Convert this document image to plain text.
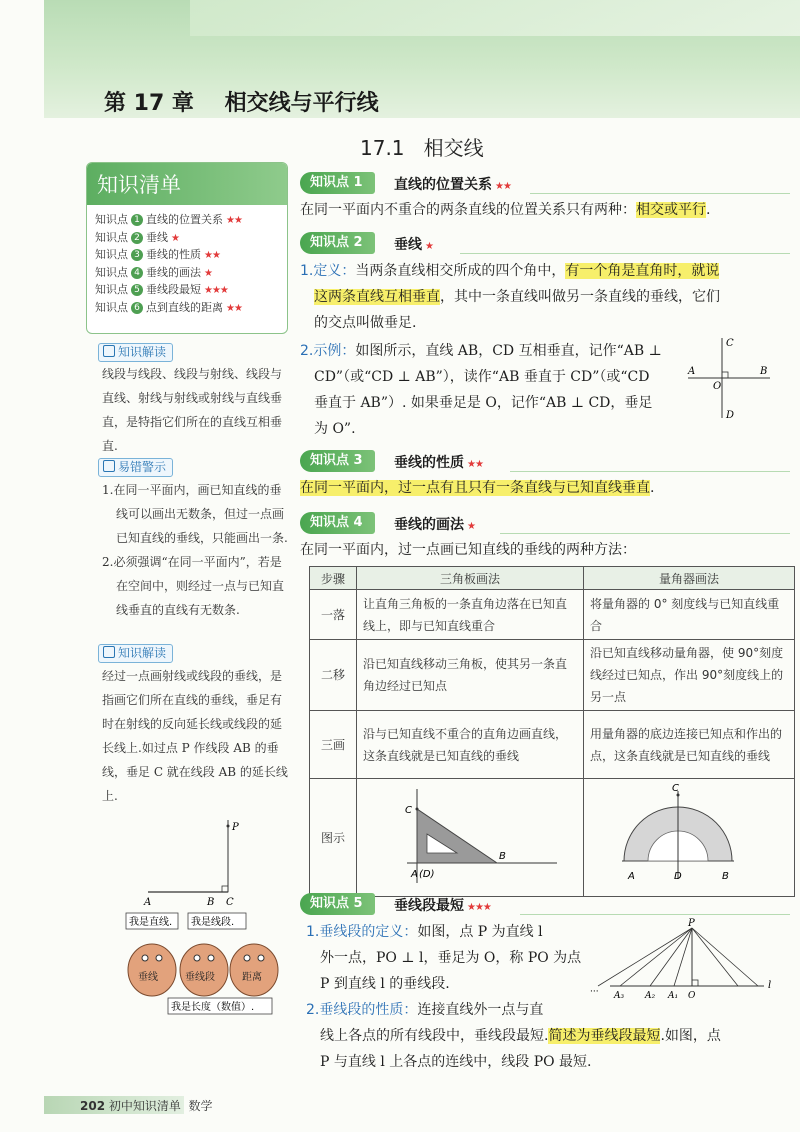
第 17 章    相交线与平行线
17.1   相交线
知识清单
知识点 1 直线的位置关系 ★★
知识点 2 垂线 ★
知识点 3 垂线的性质 ★★
知识点 4 垂线的画法 ★
知识点 5 垂线段最短 ★★★
知识点 6 点到直线的距离 ★★
知识解读

线段与线段、线段与射线、线段与直线、射线与射线或射线与直线垂直，是特指它们所在的直线互相垂直.

易错警示

1.在同一平面内，画已知直线的垂线可以画出无数条，但过一点画已知直线的垂线，只能画出一条.

2.必须强调“在同一平面内”，若是在空间中，则经过一点与已知直线垂直的直线有无数条.

知识解读

经过一点画射线或线段的垂线，是指画它们所在直线的垂线，垂足有时在射线的反向延长线或线段的延长线上.如过点 P 作线段 AB 的垂线，垂足 C 就在线段 AB 的延长线上.

P
A	B C
我是直线. 我是线段.
垂线	垂线段	距离
我是长度（数值）.
知识点 1	直线的位置关系 ★★

在同一平面内不重合的两条直线的位置关系只有两种：相交或平行.

知识点 2	垂线 ★

1.定义：当两条直线相交所成的四个角中，有一个角是直角时，就说

这两条直线互相垂直，其中一条直线叫做另一条直线的垂线，它们

的交点叫做垂足.

2.示例：如图所示，直线 AB，CD 互相垂直，记作“AB ⊥

CD”（或“CD ⊥ AB”），读作“AB 垂直于 CD”（或“CD

垂直于 AB”）. 如果垂足是 O，记作“AB ⊥ CD，垂足

为 O”.

A	B
C
D
O
知识点 3	垂线的性质 ★★

在同一平面内，过一点有且只有一条直线与已知直线垂直.

知识点 4	垂线的画法 ★

在同一平面内，过一点画已知直线的垂线的两种方法：

步骤	三角板画法	量角器画法
一落	让直角三角板的一条直角边落在已知直线上，即与已知直线重合	将量角器的 0° 刻度线与已知直线重合
二移	沿已知直线移动三角板，使其另一条直角边经过已知点	沿已知直线移动量角器，使 90°刻度线经过已知点，作出 90°刻度线上的另一点
三画	沿与已知直线不重合的直角边画直线，这条直线就是已知直线的垂线	用量角器的底边连接已知点和作出的点，这条直线就是已知直线的垂线
图示	C
A (D)
B	C
A D B
知识点 5	垂线段最短 ★★★

1.垂线段的定义：如图，点 P 为直线 l

外一点，PO ⊥ l，垂足为 O，称 PO 为点

P 到直线 l 的垂线段.

2.垂线段的性质：连接直线外一点与直

线上各点的所有线段中，垂线段最短.简述为垂线段最短.如图，点

P 与直线 l 上各点的连线中，线段 PO 最短.

P
··· A₃ A₂ A₁ O
l
202 初中知识清单  数学
